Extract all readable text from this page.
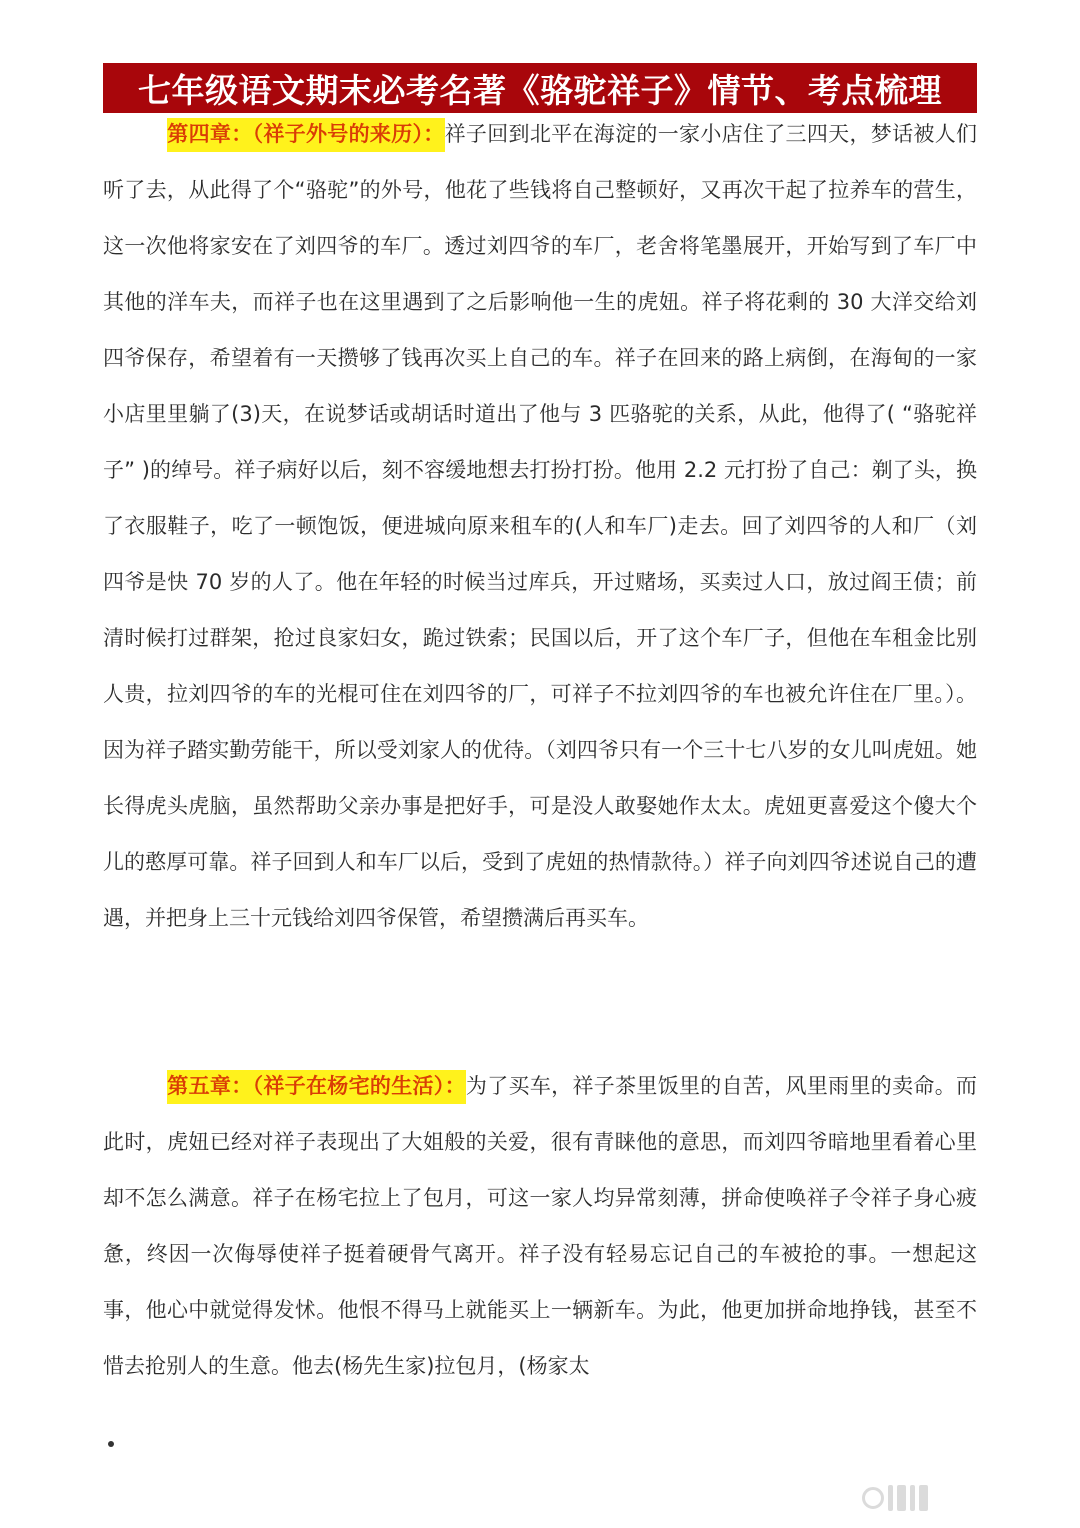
七年级语文期末必考名著《骆驼祥子》情节、考点梳理

第四章：（祥子外号的来历）：祥子回到北平在海淀的一家小店住了三四天，梦话被人们听了去，从此得了个“骆驼”的外号，他花了些钱将自己整顿好，又再次干起了拉养车的营生，这一次他将家安在了刘四爷的车厂。透过刘四爷的车厂，老舍将笔墨展开，开始写到了车厂中其他的洋车夫，而祥子也在这里遇到了之后影响他一生的虎妞。祥子将花剩的 30 大洋交给刘四爷保存，希望着有一天攒够了钱再次买上自己的车。祥子在回来的路上病倒，在海甸的一家小店里里躺了(3)天，在说梦话或胡话时道出了他与 3 匹骆驼的关系，从此，他得了( “骆驼祥子” )的绰号。祥子病好以后，刻不容缓地想去打扮打扮。他用 2.2 元打扮了自己：剃了头，换了衣服鞋子，吃了一顿饱饭，便进城向原来租车的(人和车厂)走去。回了刘四爷的人和厂（刘四爷是快 70 岁的人了。他在年轻的时候当过库兵，开过赌场，买卖过人口，放过阎王债；前清时候打过群架，抢过良家妇女，跪过铁索；民国以后，开了这个车厂子，但他在车租金比别人贵，拉刘四爷的车的光棍可住在刘四爷的厂，可祥子不拉刘四爷的车也被允许住在厂里。）。因为祥子踏实勤劳能干，所以受刘家人的优待。（刘四爷只有一个三十七八岁的女儿叫虎妞。她长得虎头虎脑，虽然帮助父亲办事是把好手，可是没人敢娶她作太太。虎妞更喜爱这个傻大个儿的憨厚可靠。祥子回到人和车厂以后，受到了虎妞的热情款待。）祥子向刘四爷述说自己的遭遇，并把身上三十元钱给刘四爷保管，希望攒满后再买车。

第五章：（祥子在杨宅的生活）：为了买车，祥子茶里饭里的自苦，风里雨里的卖命。而此时，虎妞已经对祥子表现出了大姐般的关爱，很有青睐他的意思，而刘四爷暗地里看着心里却不怎么满意。祥子在杨宅拉上了包月，可这一家人均异常刻薄，拼命使唤祥子令祥子身心疲惫，终因一次侮辱使祥子挺着硬骨气离开。祥子没有轻易忘记自己的车被抢的事。一想起这事，他心中就觉得发怵。他恨不得马上就能买上一辆新车。为此，他更加拼命地挣钱，甚至不惜去抢别人的生意。他去(杨先生家)拉包月，(杨家太
